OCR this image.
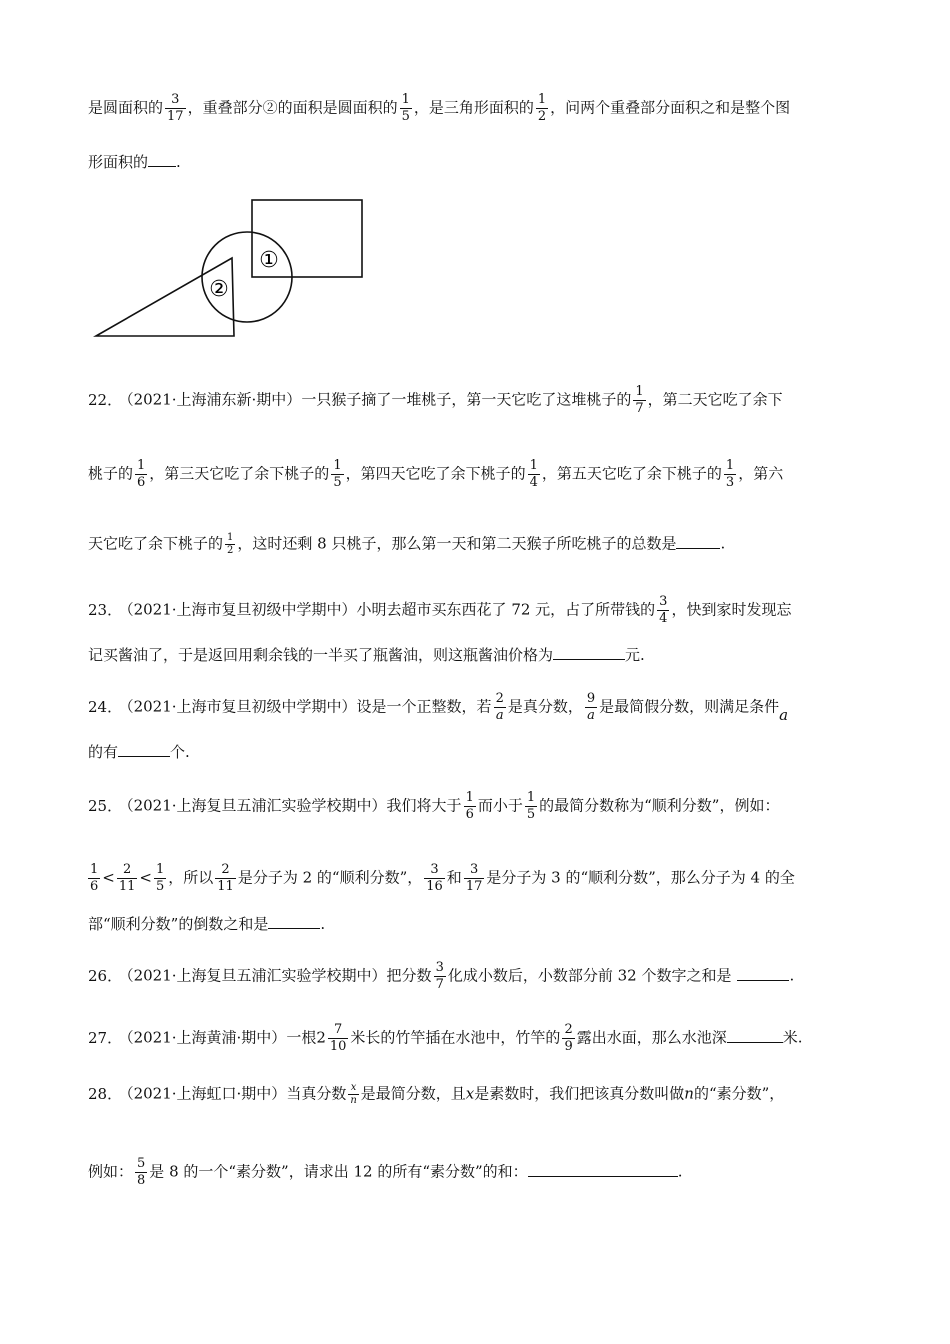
是圆面积的 $\frac{3}{17}$ ，重叠部分②的面积是圆面积的 $\frac{1}{5}$ ，是三角形面积的 $\frac{1}{2}$ ，问两个重叠部分面积之和是整个图
形面积的 .
①
②
22． （2021·上海浦东新·期中）一只猴子摘了一堆桃子，第一天它吃了这堆桃子的 $\frac{1}{7}$ ，第二天它吃了余下
桃子的 $\frac{1}{6}$ ，第三天它吃了余下桃子的 $\frac{1}{5}$ ，第四天它吃了余下桃子的 $\frac{1}{4}$ ，第五天它吃了余下桃子的 $\frac{1}{3}$ ，第六
天它吃了余下桃子的 $\frac{1}{2}$ ，这时还剩 8 只桃子，那么第一天和第二天猴子所吃桃子的总数是	.
23． （2021·上海市复旦初级中学期中）小明去超市买东西花了 72 元，占了所带钱的 $\frac{3}{4}$ ，快到家时发现忘
记买酱油了，于是返回用剩余钱的一半买了瓶酱油，则这瓶酱油价格为	元.
24． （2021·上海市复旦初级中学期中）设是一个正整数，若 $\frac{2}{a}$ 是真分数， $\frac{9}{a}$ 是最简假分数，则满足条件a
的有	个.
25． （2021·上海复旦五浦汇实验学校期中）我们将大于 $\frac{1}{6}$ 而小于 $\frac{1}{5}$ 的最简分数称为“顺利分数”，例如：
$\frac{1}{6} < \frac{2}{11} < \frac{1}{5}$ ，所以 $\frac{2}{11}$ 是分子为 2 的“顺利分数”， $\frac{3}{16}$ 和 $\frac{3}{17}$ 是分子为 3 的“顺利分数”，那么分子为 4 的全
部“顺利分数”的倒数之和是	.
26． （2021·上海复旦五浦汇实验学校期中）把分数 $\frac{3}{7}$ 化成小数后，小数部分前 32 个数字之和是	.
27． （2021·上海黄浦·期中）一根$2 \frac{7}{10}$ 米长的竹竿插在水池中，竹竿的 $\frac{2}{9}$ 露出水面，那么水池深	米.
28． （2021·上海虹口·期中）当真分数 $\frac{x}{n}$ 是最简分数，且x是素数时，我们把该真分数叫做n的“素分数”，
例如： $\frac{5}{8}$ 是 8 的一个“素分数”，请求出 12 的所有“素分数”的和：	.
